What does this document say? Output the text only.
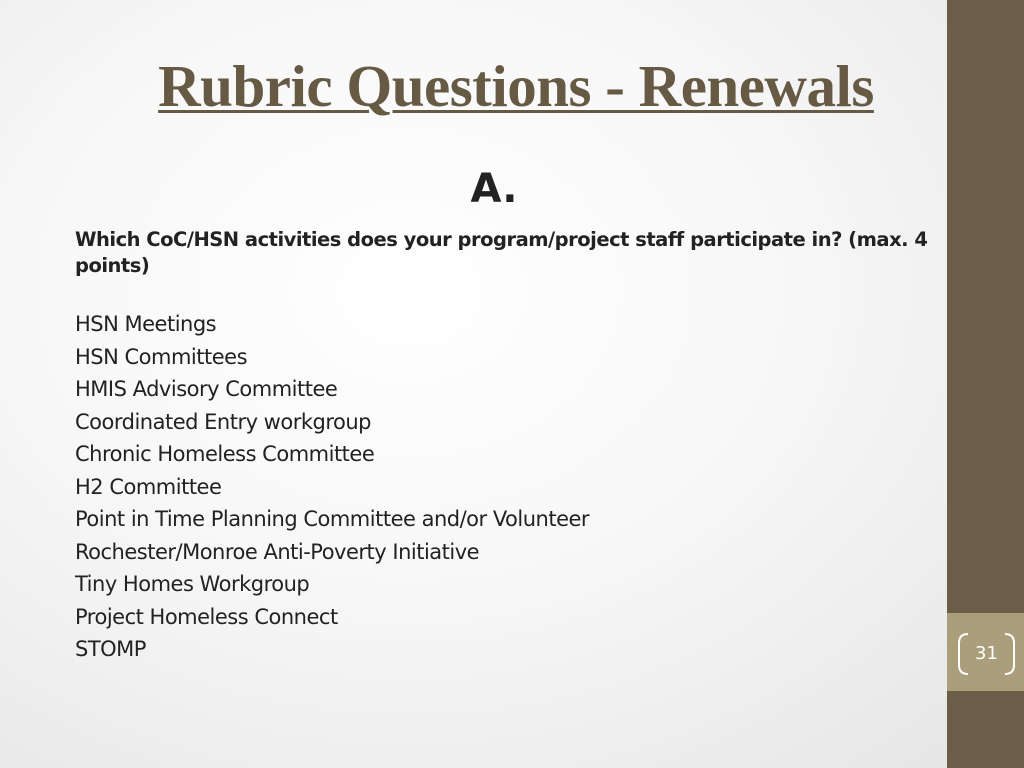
31
Rubric Questions - Renewals
A.
Which CoC/HSN activities does your program/project staff participate in? (max. 4 points)
HSN Meetings
HSN Committees
HMIS Advisory Committee
Coordinated Entry workgroup
Chronic Homeless Committee
H2 Committee
Point in Time Planning Committee and/or Volunteer
Rochester/Monroe Anti-Poverty Initiative
Tiny Homes Workgroup
Project Homeless Connect
STOMP
